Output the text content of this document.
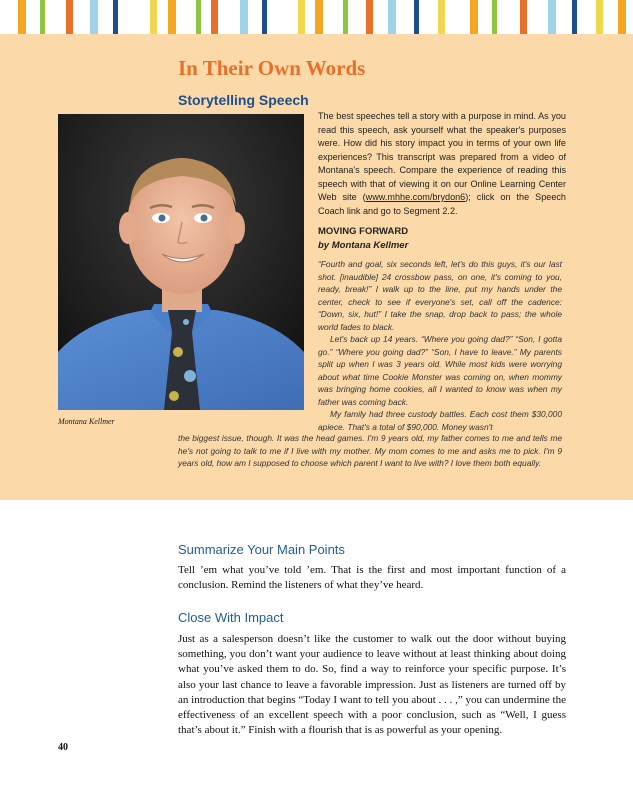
In Their Own Words
Storytelling Speech
Montana Kellmer
The best speeches tell a story with a purpose in mind. As you read this speech, ask yourself what the speaker's purposes were. How did his story impact you in terms of your own life experiences? This transcript was prepared from a video of Montana's speech. Compare the experience of reading this speech with that of viewing it on our Online Learning Center Web site (www.mhhe.com/brydon6); click on the Speech Coach link and go to Segment 2.2.
MOVING FORWARD
by Montana Kellmer

“Fourth and goal, six seconds left, let's do this guys, it's our last shot. [inaudible] 24 crossbow pass, on one, it's coming to you, ready, break!” I walk up to the line, put my hands under the center, check to see if everyone's set, call off the cadence: “Down, six, hut!” I take the snap, drop back to pass; the whole world fades to black.

Let's back up 14 years. “Where you going dad?” “Son, I gotta go.” “Where you going dad?” “Son, I have to leave.” My parents split up when I was 3 years old. While most kids were worrying about what time Cookie Monster was coming on, when mommy was bringing home cookies, all I wanted to know was when my father was coming back.

My family had three custody battles. Each cost them $30,000 apiece. That's a total of $90,000. Money wasn't

the biggest issue, though. It was the head games. I'm 9 years old, my father comes to me and tells me he's not going to talk to me if I live with my mother. My mom comes to me and asks me to pick. I'm 9 years old, how am I supposed to choose which parent I want to live with? I love them both equally.

Summarize Your Main Points

Tell ’em what you’ve told ’em. That is the first and most important function of a conclusion. Remind the listeners of what they’ve heard.

Close With Impact

Just as a salesperson doesn’t like the customer to walk out the door without buying something, you don’t want your audience to leave without at least thinking about doing what you’ve asked them to do. So, find a way to reinforce your specific purpose. It’s also your last chance to leave a favorable impression. Just as listeners are turned off by an introduction that begins “Today I want to tell you about . . . ,” you can undermine the effectiveness of an excellent speech with a poor conclusion, such as “Well, I guess that’s about it.” Finish with a flourish that is as powerful as your opening.

40
